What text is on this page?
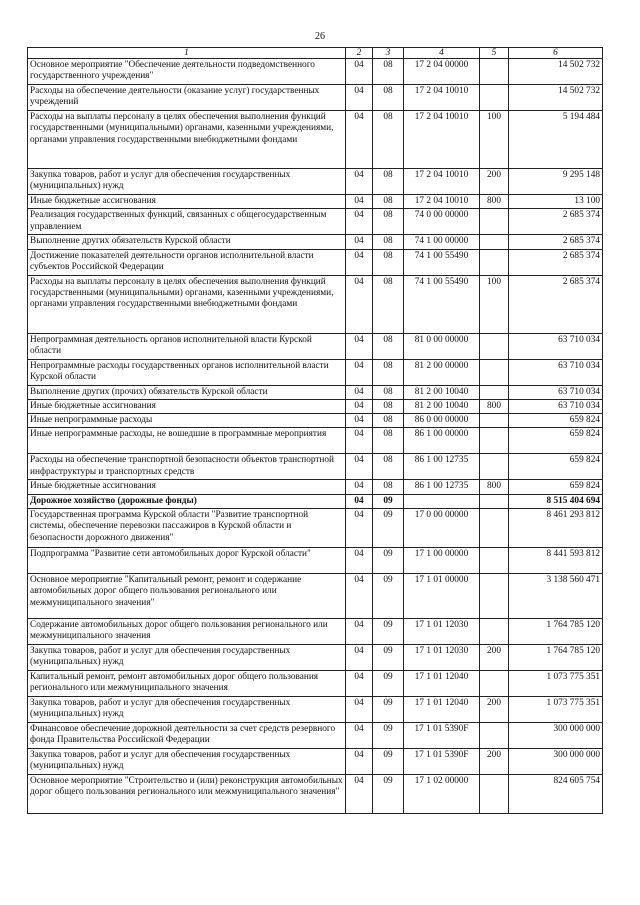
26
1	2	3	4	5	6
Основное мероприятие "Обеспечение деятельности подведомственного государственного учреждения"	04	08	17 2 04 00000		14 502 732
Расходы на обеспечение деятельности (оказание услуг) государственных учреждений	04	08	17 2 04 10010		14 502 732
Расходы на выплаты персоналу в целях обеспечения выполнения функций государственными (муниципальными) органами, казенными учреждениями, органами управления государственными внебюджетными фондами	04	08	17 2 04 10010	100	5 194 484
Закупка товаров, работ и услуг для обеспечения государственных (муниципальных) нужд	04	08	17 2 04 10010	200	9 295 148
Иные бюджетные ассигнования	04	08	17 2 04 10010	800	13 100
Реализация государственных функций, связанных с общегосударственным управлением	04	08	74 0 00 00000		2 685 374
Выполнение других обязательств Курской области	04	08	74 1 00 00000		2 685 374
Достижение показателей деятельности органов исполнительной власти субъектов Российской Федерации	04	08	74 1 00 55490		2 685 374
Расходы на выплаты персоналу в целях обеспечения выполнения функций государственными (муниципальными) органами, казенными учреждениями, органами управления государственными внебюджетными фондами	04	08	74 1 00 55490	100	2 685 374
Непрограммная деятельность органов исполнительной власти Курской области	04	08	81 0 00 00000		63 710 034
Непрограммные расходы государственных органов исполнительной власти Курской области	04	08	81 2 00 00000		63 710 034
Выполнение других (прочих) обязательств Курской области	04	08	81 2 00 10040		63 710 034
Иные бюджетные ассигнования	04	08	81 2 00 10040	800	63 710 034
Иные непрограммные расходы	04	08	86 0 00 00000		659 824
Иные непрограммные расходы, не вошедшие в программные мероприятия	04	08	86 1 00 00000		659 824
Расходы на обеспечение транспортной безопасности объектов транспортной инфраструктуры и транспортных средств	04	08	86 1 00 12735		659 824
Иные бюджетные ассигнования	04	08	86 1 00 12735	800	659 824
Дорожное хозяйство (дорожные фонды)	04	09			8 515 404 694
Государственная программа Курской области "Развитие транспортной системы, обеспечение перевозки пассажиров в Курской области и безопасности дорожного движения"	04	09	17 0 00 00000		8 461 293 812
Подпрограмма "Развитие сети автомобильных дорог Курской области"	04	09	17 1 00 00000		8 441 593 812
Основное мероприятие "Капитальный ремонт, ремонт и содержание автомобильных дорог общего пользования регионального или межмуниципального значения"	04	09	17 1 01 00000		3 138 560 471
Содержание автомобильных дорог общего пользования регионального или межмуниципального значения	04	09	17 1 01 12030		1 764 785 120
Закупка товаров, работ и услуг для обеспечения государственных (муниципальных) нужд	04	09	17 1 01 12030	200	1 764 785 120
Капитальный ремонт, ремонт автомобильных дорог общего пользования регионального или межмуниципального значения	04	09	17 1 01 12040		1 073 775 351
Закупка товаров, работ и услуг для обеспечения государственных (муниципальных) нужд	04	09	17 1 01 12040	200	1 073 775 351
Финансовое обеспечение дорожной деятельности за счет средств резервного фонда Правительства Российской Федерации	04	09	17 1 01 5390F		300 000 000
Закупка товаров, работ и услуг для обеспечения государственных (муниципальных) нужд	04	09	17 1 01 5390F	200	300 000 000
Основное мероприятие "Строительство и (или) реконструкция автомобильных дорог общего пользования регионального или межмуниципального значения"	04	09	17 1 02 00000		824 605 754
